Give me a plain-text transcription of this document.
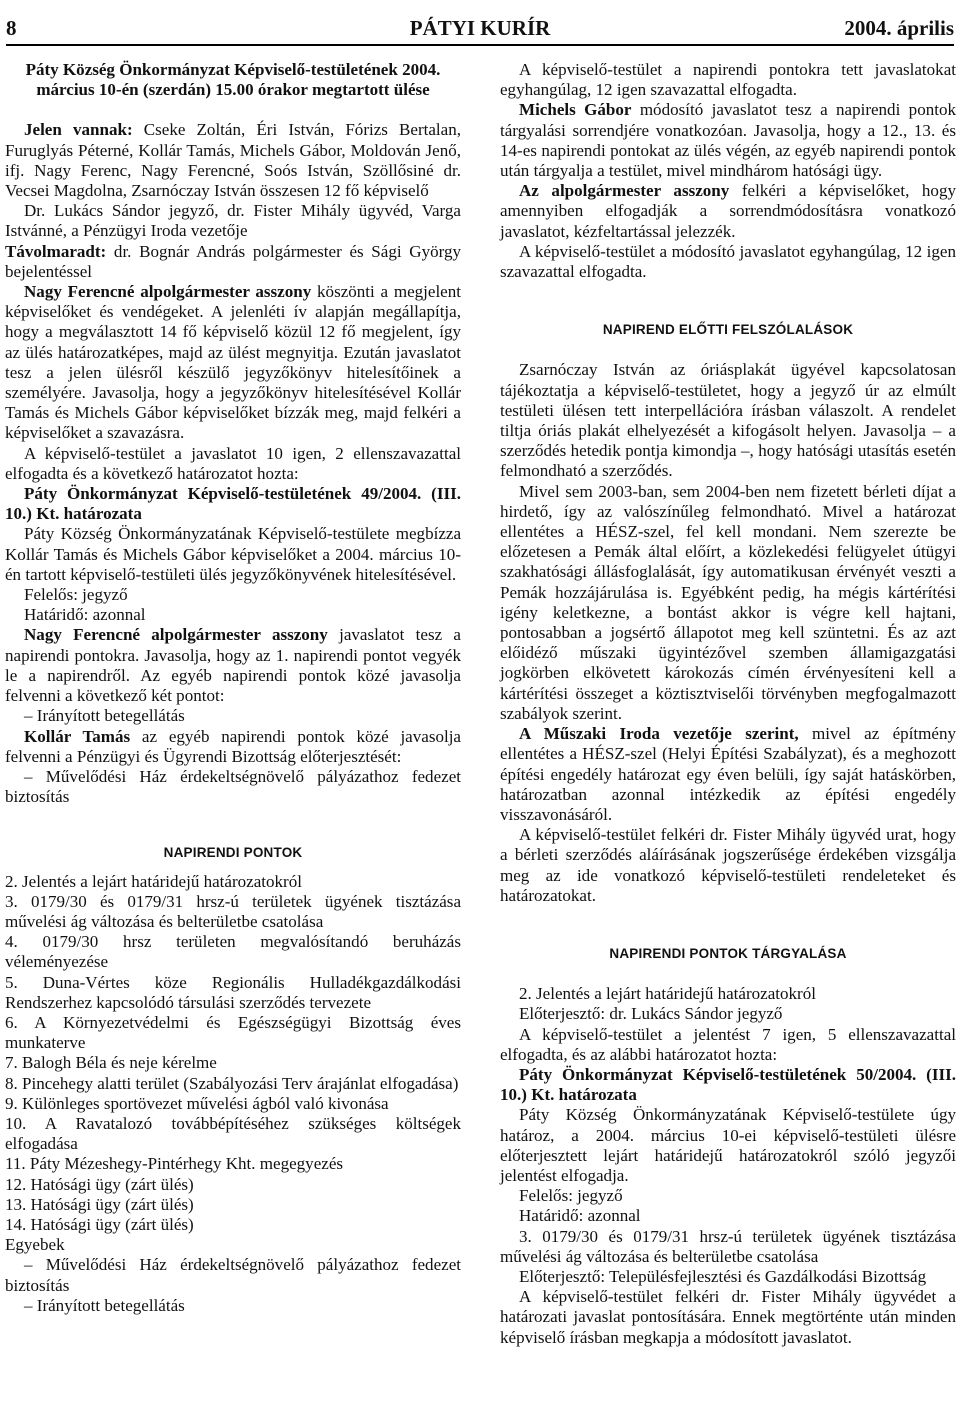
8	PÁTYI KURÍR	2004. április

Páty Község Önkormányzat Képviselő-testületének 2004.
március 10-én (szerdán) 15.00 órakor megtartott ülése

Jelen vannak: Cseke Zoltán, Éri István, Fórizs Bertalan, Furuglyás Péterné, Kollár Tamás, Michels Gábor, Moldován Jenő, ifj. Nagy Ferenc, Nagy Ferencné, Soós István, Szöllősiné dr. Vecsei Magdolna, Zsarnóczay István összesen 12 fő képviselő

Dr. Lukács Sándor jegyző, dr. Fister Mihály ügyvéd, Varga Istvánné, a Pénzügyi Iroda vezetője

Távolmaradt: dr. Bognár András polgármester és Sági György bejelentéssel

Nagy Ferencné alpolgármester asszony köszönti a megjelent képviselőket és vendégeket. A jelenléti ív alapján megállapítja, hogy a megválasztott 14 fő képviselő közül 12 fő megjelent, így az ülés határozatképes, majd az ülést megnyitja. Ezután javaslatot tesz a jelen ülésről készülő jegyzőkönyv hitelesítőinek a személyére. Javasolja, hogy a jegyzőkönyv hitelesítésével Kollár Tamás és Michels Gábor képviselőket bízzák meg, majd felkéri a képviselőket a szavazásra.

A képviselő-testület a javaslatot 10 igen, 2 ellenszavazattal elfogadta és a következő határozatot hozta:

Páty Önkormányzat Képviselő-testületének 49/2004. (III. 10.) Kt. határozata

Páty Község Önkormányzatának Képviselő-testülete megbízza Kollár Tamás és Michels Gábor képviselőket a 2004. március 10-én tartott képviselő-testületi ülés jegyzőkönyvének hitelesítésével.

Felelős: jegyző

Határidő: azonnal

Nagy Ferencné alpolgármester asszony javaslatot tesz a napirendi pontokra. Javasolja, hogy az 1. napirendi pontot vegyék le a napirendről. Az egyéb napirendi pontok közé javasolja felvenni a következő két pontot:

– Irányított betegellátás

Kollár Tamás az egyéb napirendi pontok közé javasolja felvenni a Pénzügyi és Ügyrendi Bizottság előterjesztését:

– Művelődési Ház érdekeltségnövelő pályázathoz fedezet biztosítás

NAPIRENDI PONTOK

2. Jelentés a lejárt határidejű határozatokról

3. 0179/30 és 0179/31 hrsz-ú területek ügyének tisztázása művelési ág változása és belterületbe csatolása

4. 0179/30 hrsz területen megvalósítandó beruházás véleményezése

5. Duna-Vértes köze Regionális Hulladékgazdálkodási Rendszerhez kapcsolódó társulási szerződés tervezete

6. A Környezetvédelmi és Egészségügyi Bizottság éves munkaterve

7. Balogh Béla és neje kérelme

8. Pincehegy alatti terület (Szabályozási Terv árajánlat elfogadása)

9. Különleges sportövezet művelési ágból való kivonása

10. A Ravatalozó továbbépítéséhez szükséges költségek elfogadása

11. Páty Mézeshegy-Pintérhegy Kht. megegyezés

12. Hatósági ügy (zárt ülés)

13. Hatósági ügy (zárt ülés)

14. Hatósági ügy (zárt ülés)

Egyebek

– Művelődési Ház érdekeltségnövelő pályázathoz fedezet biztosítás

– Irányított betegellátás

A képviselő-testület a napirendi pontokra tett javaslatokat egyhangúlag, 12 igen szavazattal elfogadta.

Michels Gábor módosító javaslatot tesz a napirendi pontok tárgyalási sorrendjére vonatkozóan. Javasolja, hogy a 12., 13. és 14-es napirendi pontokat az ülés végén, az egyéb napirendi pontok után tárgyalja a testület, mivel mindhárom hatósági ügy.

Az alpolgármester asszony felkéri a képviselőket, hogy amennyiben elfogadják a sorrendmódosításra vonatkozó javaslatot, kézfeltartással jelezzék.

A képviselő-testület a módosító javaslatot egyhangúlag, 12 igen szavazattal elfogadta.

NAPIREND ELŐTTI FELSZÓLALÁSOK

Zsarnóczay István az óriásplakát ügyével kapcsolatosan tájékoztatja a képviselő-testületet, hogy a jegyző úr az elmúlt testületi ülésen tett interpellációra írásban válaszolt. A rendelet tiltja óriás plakát elhelyezését a kifogásolt helyen. Javasolja – a szerződés hetedik pontja kimondja –, hogy hatósági utasítás esetén felmondható a szerződés.

Mivel sem 2003-ban, sem 2004-ben nem fizetett bérleti díjat a hirdető, így az valószínűleg felmondható. Mivel a határozat ellentétes a HÉSZ-szel, fel kell mondani. Nem szerezte be előzetesen a Pemák által előírt, a közlekedési felügyelet útügyi szakhatósági állásfoglalását, így automatikusan érvényét veszti a Pemák hozzájárulása is. Egyébként pedig, ha mégis kártérítési igény keletkezne, a bontást akkor is végre kell hajtani, pontosabban a jogsértő állapotot meg kell szüntetni. És az azt előidéző műszaki ügyintézővel szemben államigazgatási jogkörben elkövetett károkozás címén érvényesíteni kell a kártérítési összeget a köztisztviselői törvényben megfogalmazott szabályok szerint.

A Műszaki Iroda vezetője szerint, mivel az építmény ellentétes a HÉSZ-szel (Helyi Építési Szabályzat), és a meghozott építési engedély határozat egy éven belüli, így saját hatáskörben, határozatban azonnal intézkedik az építési engedély visszavonásáról.

A képviselő-testület felkéri dr. Fister Mihály ügyvéd urat, hogy a bérleti szerződés aláírásának jogszerűsége érdekében vizsgálja meg az ide vonatkozó képviselő-testületi rendeleteket és határozatokat.

NAPIRENDI PONTOK TÁRGYALÁSA

2. Jelentés a lejárt határidejű határozatokról

Előterjesztő: dr. Lukács Sándor jegyző

A képviselő-testület a jelentést 7 igen, 5 ellenszavazattal elfogadta, és az alábbi határozatot hozta:

Páty Önkormányzat Képviselő-testületének 50/2004. (III. 10.) Kt. határozata

Páty Község Önkormányzatának Képviselő-testülete úgy határoz, a 2004. március 10-ei képviselő-testületi ülésre előterjesztett lejárt határidejű határozatokról szóló jegyzői jelentést elfogadja.

Felelős: jegyző

Határidő: azonnal

3. 0179/30 és 0179/31 hrsz-ú területek ügyének tisztázása művelési ág változása és belterületbe csatolása

Előterjesztő: Településfejlesztési és Gazdálkodási Bizottság

A képviselő-testület felkéri dr. Fister Mihály ügyvédet a határozati javaslat pontosítására. Ennek megtörténte után minden képviselő írásban megkapja a módosított javaslatot.
